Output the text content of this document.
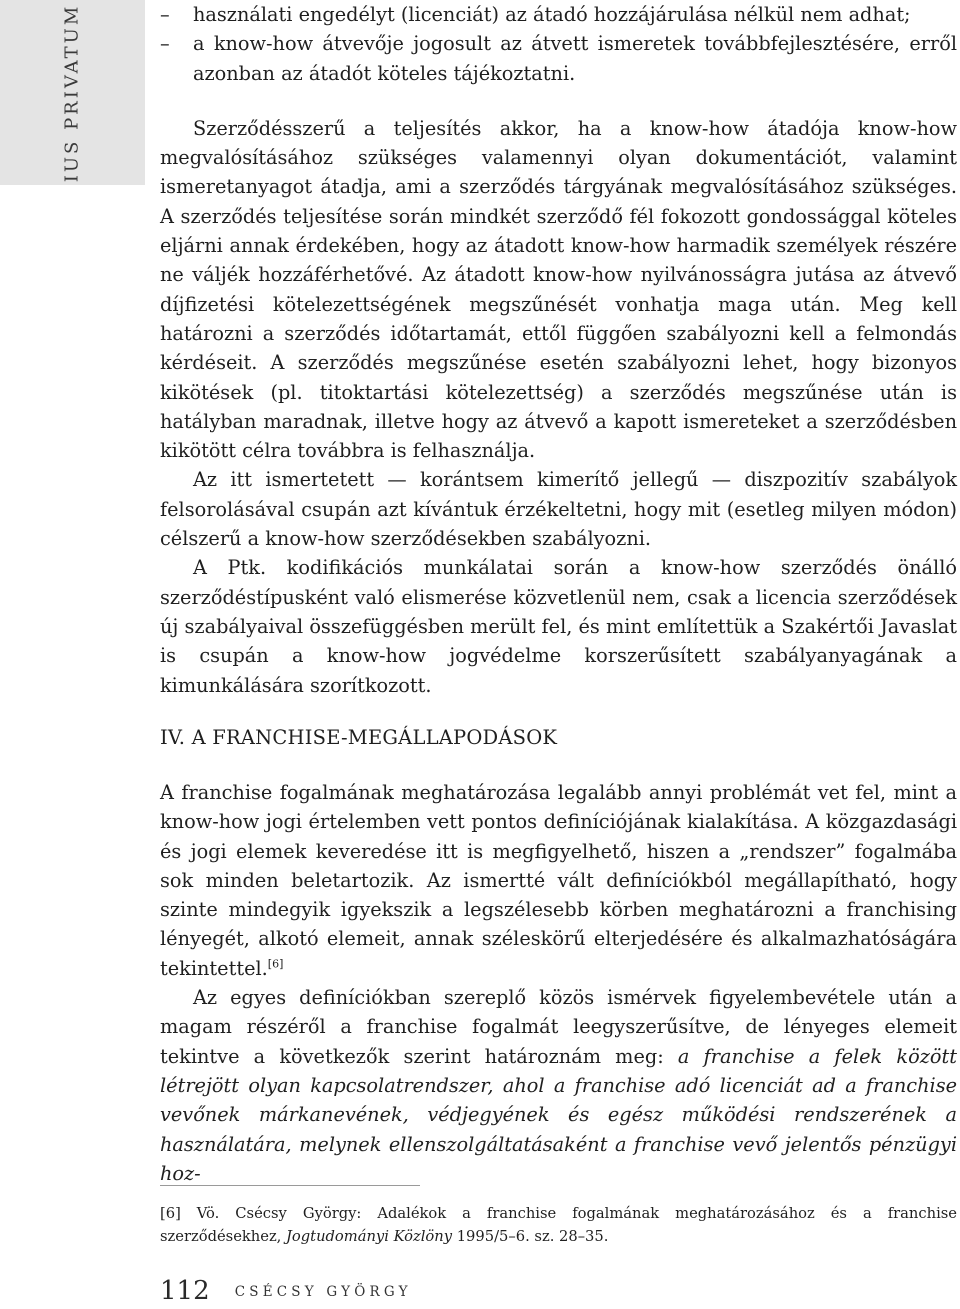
IUS PRIVATUM	– használati engedélyt (licenciát) az átadó hozzájárulása nélkül nem adhat;
– a know-how átvevője jogosult az átvett ismeretek továbbfejlesztésére, erről azonban az átadót köteles tájékoztatni.

Szerződésszerű a teljesítés akkor, ha a know-how átadója know-how megvalósításához szükséges valamennyi olyan dokumentációt, valamint ismeretanyagot átadja, ami a szerződés tárgyának megvalósításához szükséges. A szerződés teljesítése során mindkét szerződő fél fokozott gondossággal köteles eljárni annak érdekében, hogy az átadott know-how harmadik személyek részére ne váljék hozzáférhetővé. Az átadott know-how nyilvánosságra jutása az átvevő díjfizetési kötelezettségének megszűnését vonhatja maga után. Meg kell határozni a szerződés időtartamát, ettől függően szabályozni kell a felmondás kérdéseit. A szerződés megszűnése esetén szabályozni lehet, hogy bizonyos kikötések (pl. titoktartási kötelezettség) a szerződés megszűnése után is hatályban maradnak, illetve hogy az átvevő a kapott ismereteket a szerződésben kikötött célra továbbra is felhasználja.

Az itt ismertetett — korántsem kimerítő jellegű — diszpozitív szabályok felsorolásával csupán azt kívántuk érzékeltetni, hogy mit (esetleg milyen módon) célszerű a know-how szerződésekben szabályozni.

A Ptk. kodifikációs munkálatai során a know-how szerződés önálló szerződéstípusként való elismerése közvetlenül nem, csak a licencia szerződések új szabályaival összefüggésben merült fel, és mint említettük a Szakértői Javaslat is csupán a know-how jogvédelme korszerűsített szabályanyagának a kimunkálására szorítkozott.

IV. A FRANCHISE-MEGÁLLAPODÁSOK

A franchise fogalmának meghatározása legalább annyi problémát vet fel, mint a know-how jogi értelemben vett pontos definíciójának kialakítása. A közgazdasági és jogi elemek keveredése itt is megfigyelhető, hiszen a „rendszer” fogalmába sok minden beletartozik. Az ismertté vált definíciókból megállapítható, hogy szinte mindegyik igyekszik a legszélesebb körben meghatározni a franchising lényegét, alkotó elemeit, annak széleskörű elterjedésére és alkalmazhatóságára tekintettel.[6]

Az egyes definíciókban szereplő közös ismérvek figyelembevétele után a magam részéről a franchise fogalmát leegyszerűsítve, de lényeges elemeit tekintve a következők szerint határoznám meg: a franchise a felek között létrejött olyan kapcsolatrendszer, ahol a franchise adó licenciát ad a franchise vevőnek márkanevének, védjegyének és egész működési rendszerének a használatára, melynek ellenszolgáltatásaként a franchise vevő jelentős pénzügyi hoz-

[6] Vö. Csécsy György: Adalékok a franchise fogalmának meghatározásához és a franchise szerződésekhez, Jogtudományi Közlöny 1995/5–6. sz. 28–35.
112 CSÉCSY GYÖRGY
